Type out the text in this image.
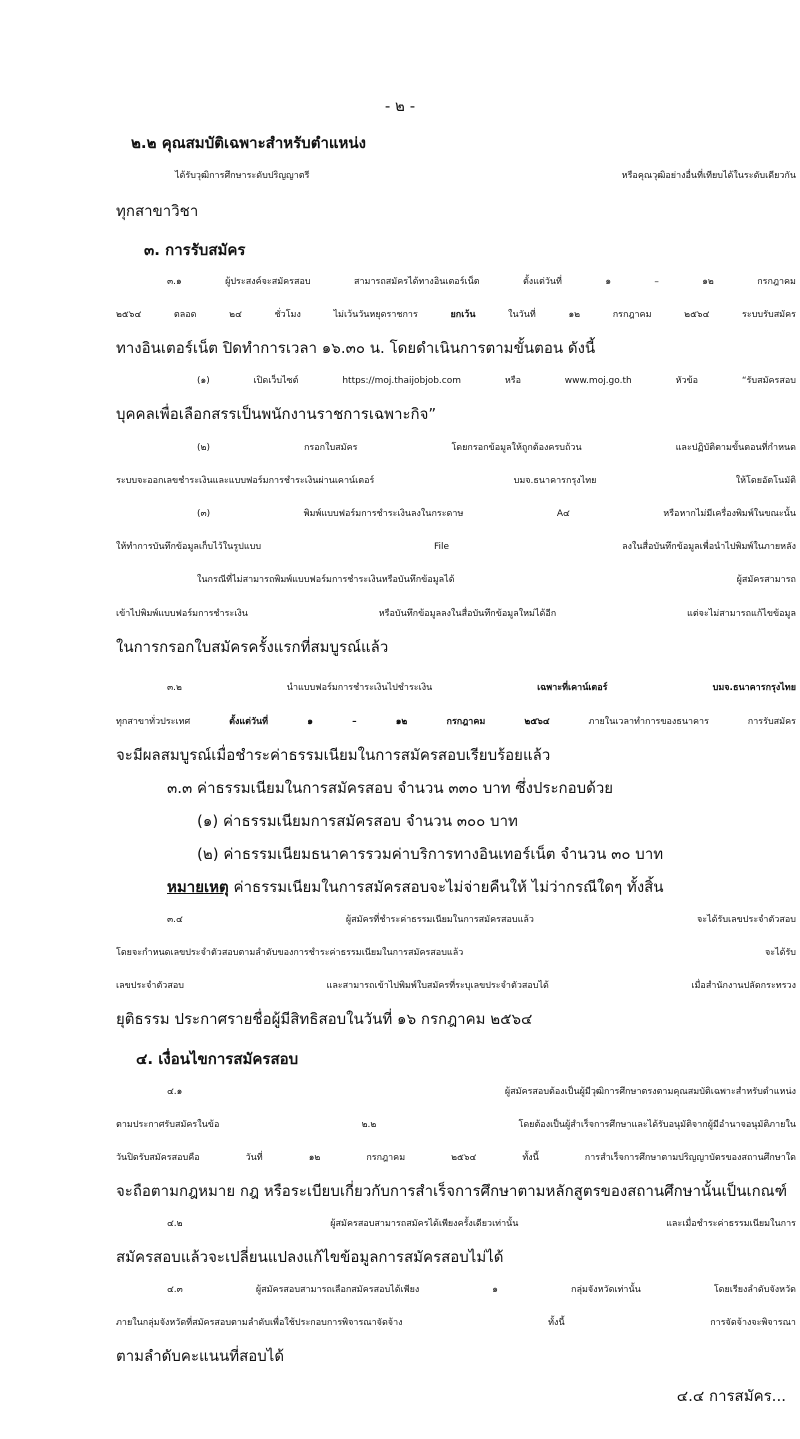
- ๒ -
๒.๒ คุณสมบัติเฉพาะสำหรับตำแหน่ง
ได้รับวุฒิการศึกษาระดับปริญญาตรี หรือคุณวุฒิอย่างอื่นที่เทียบได้ในระดับเดียวกัน
ทุกสาขาวิชา
๓. การรับสมัคร
๓.๑ ผู้ประสงค์จะสมัครสอบ สามารถสมัครได้ทางอินเตอร์เน็ต ตั้งแต่วันที่ ๑ – ๑๒ กรกฎาคม
๒๕๖๔ ตลอด ๒๔ ชั่วโมง ไม่เว้นวันหยุดราชการ	ยกเว้น	ในวันที่ ๑๒ กรกฎาคม ๒๕๖๔ ระบบรับสมัคร
ทางอินเตอร์เน็ต ปิดทำการเวลา ๑๖.๓๐ น. โดยดำเนินการตามขั้นตอน ดังนี้
(๑) เปิดเว็บไซต์ https://moj.thaijobjob.com หรือ www.moj.go.th หัวข้อ “รับสมัครสอบ
บุคคลเพื่อเลือกสรรเป็นพนักงานราชการเฉพาะกิจ”
(๒) กรอกใบสมัคร โดยกรอกข้อมูลให้ถูกต้องครบถ้วน และปฏิบัติตามขั้นตอนที่กำหนด
ระบบจะออกเลขชำระเงินและแบบฟอร์มการชำระเงินผ่านเคาน์เตอร์ บมจ.ธนาคารกรุงไทย ให้โดยอัตโนมัติ
(๓) พิมพ์แบบฟอร์มการชำระเงินลงในกระดาษ A๔ หรือหากไม่มีเครื่องพิมพ์ในขณะนั้น
ให้ทำการบันทึกข้อมูลเก็บไว้ในรูปแบบ File ลงในสื่อบันทึกข้อมูลเพื่อนำไปพิมพ์ในภายหลัง
ในกรณีที่ไม่สามารถพิมพ์แบบฟอร์มการชำระเงินหรือบันทึกข้อมูลได้ ผู้สมัครสามารถ
เข้าไปพิมพ์แบบฟอร์มการชำระเงิน หรือบันทึกข้อมูลลงในสื่อบันทึกข้อมูลใหม่ได้อีก แต่จะไม่สามารถแก้ไขข้อมูล
ในการกรอกใบสมัครครั้งแรกที่สมบูรณ์แล้ว
๓.๒ นำแบบฟอร์มการชำระเงินไปชำระเงิน	เฉพาะที่เคาน์เตอร์ บมจ.ธนาคารกรุงไทย
ทุกสาขาทั่วประเทศ	ตั้งแต่วันที่ ๑ – ๑๒ กรกฎาคม ๒๕๖๔	ภายในเวลาทำการของธนาคาร การรับสมัคร
จะมีผลสมบูรณ์เมื่อชำระค่าธรรมเนียมในการสมัครสอบเรียบร้อยแล้ว
๓.๓ ค่าธรรมเนียมในการสมัครสอบ จำนวน ๓๓๐ บาท ซึ่งประกอบด้วย
(๑) ค่าธรรมเนียมการสมัครสอบ จำนวน ๓๐๐ บาท
(๒) ค่าธรรมเนียมธนาคารรวมค่าบริการทางอินเทอร์เน็ต จำนวน ๓๐ บาท
หมายเหตุ ค่าธรรมเนียมในการสมัครสอบจะไม่จ่ายคืนให้ ไม่ว่ากรณีใดๆ ทั้งสิ้น
๓.๔ ผู้สมัครที่ชำระค่าธรรมเนียมในการสมัครสอบแล้ว จะได้รับเลขประจำตัวสอบ
โดยจะกำหนดเลขประจำตัวสอบตามลำดับของการชำระค่าธรรมเนียมในการสมัครสอบแล้ว จะได้รับ
เลขประจำตัวสอบ และสามารถเข้าไปพิมพ์ใบสมัครที่ระบุเลขประจำตัวสอบได้ เมื่อสำนักงานปลัดกระทรวง
ยุติธรรม ประกาศรายชื่อผู้มีสิทธิสอบในวันที่ ๑๖ กรกฎาคม ๒๕๖๔
๔. เงื่อนไขการสมัครสอบ
๔.๑ ผู้สมัครสอบต้องเป็นผู้มีวุฒิการศึกษาตรงตามคุณสมบัติเฉพาะสำหรับตำแหน่ง
ตามประกาศรับสมัครในข้อ ๒.๒ โดยต้องเป็นผู้สำเร็จการศึกษาและได้รับอนุมัติจากผู้มีอำนาจอนุมัติภายใน
วันปิดรับสมัครสอบคือ วันที่ ๑๒ กรกฎาคม ๒๕๖๔ ทั้งนี้ การสำเร็จการศึกษาตามปริญญาบัตรของสถานศึกษาใด
จะถือตามกฎหมาย กฎ หรือระเบียบเกี่ยวกับการสำเร็จการศึกษาตามหลักสูตรของสถานศึกษานั้นเป็นเกณฑ์
๔.๒ ผู้สมัครสอบสามารถสมัครได้เพียงครั้งเดียวเท่านั้น และเมื่อชำระค่าธรรมเนียมในการ
สมัครสอบแล้วจะเปลี่ยนแปลงแก้ไขข้อมูลการสมัครสอบไม่ได้
๔.๓ ผู้สมัครสอบสามารถเลือกสมัครสอบได้เพียง ๑ กลุ่มจังหวัดเท่านั้น โดยเรียงลำดับจังหวัด
ภายในกลุ่มจังหวัดที่สมัครสอบตามลำดับเพื่อใช้ประกอบการพิจารณาจัดจ้าง ทั้งนี้ การจัดจ้างจะพิจารณา
ตามลำดับคะแนนที่สอบได้
๔.๔ การสมัคร...
